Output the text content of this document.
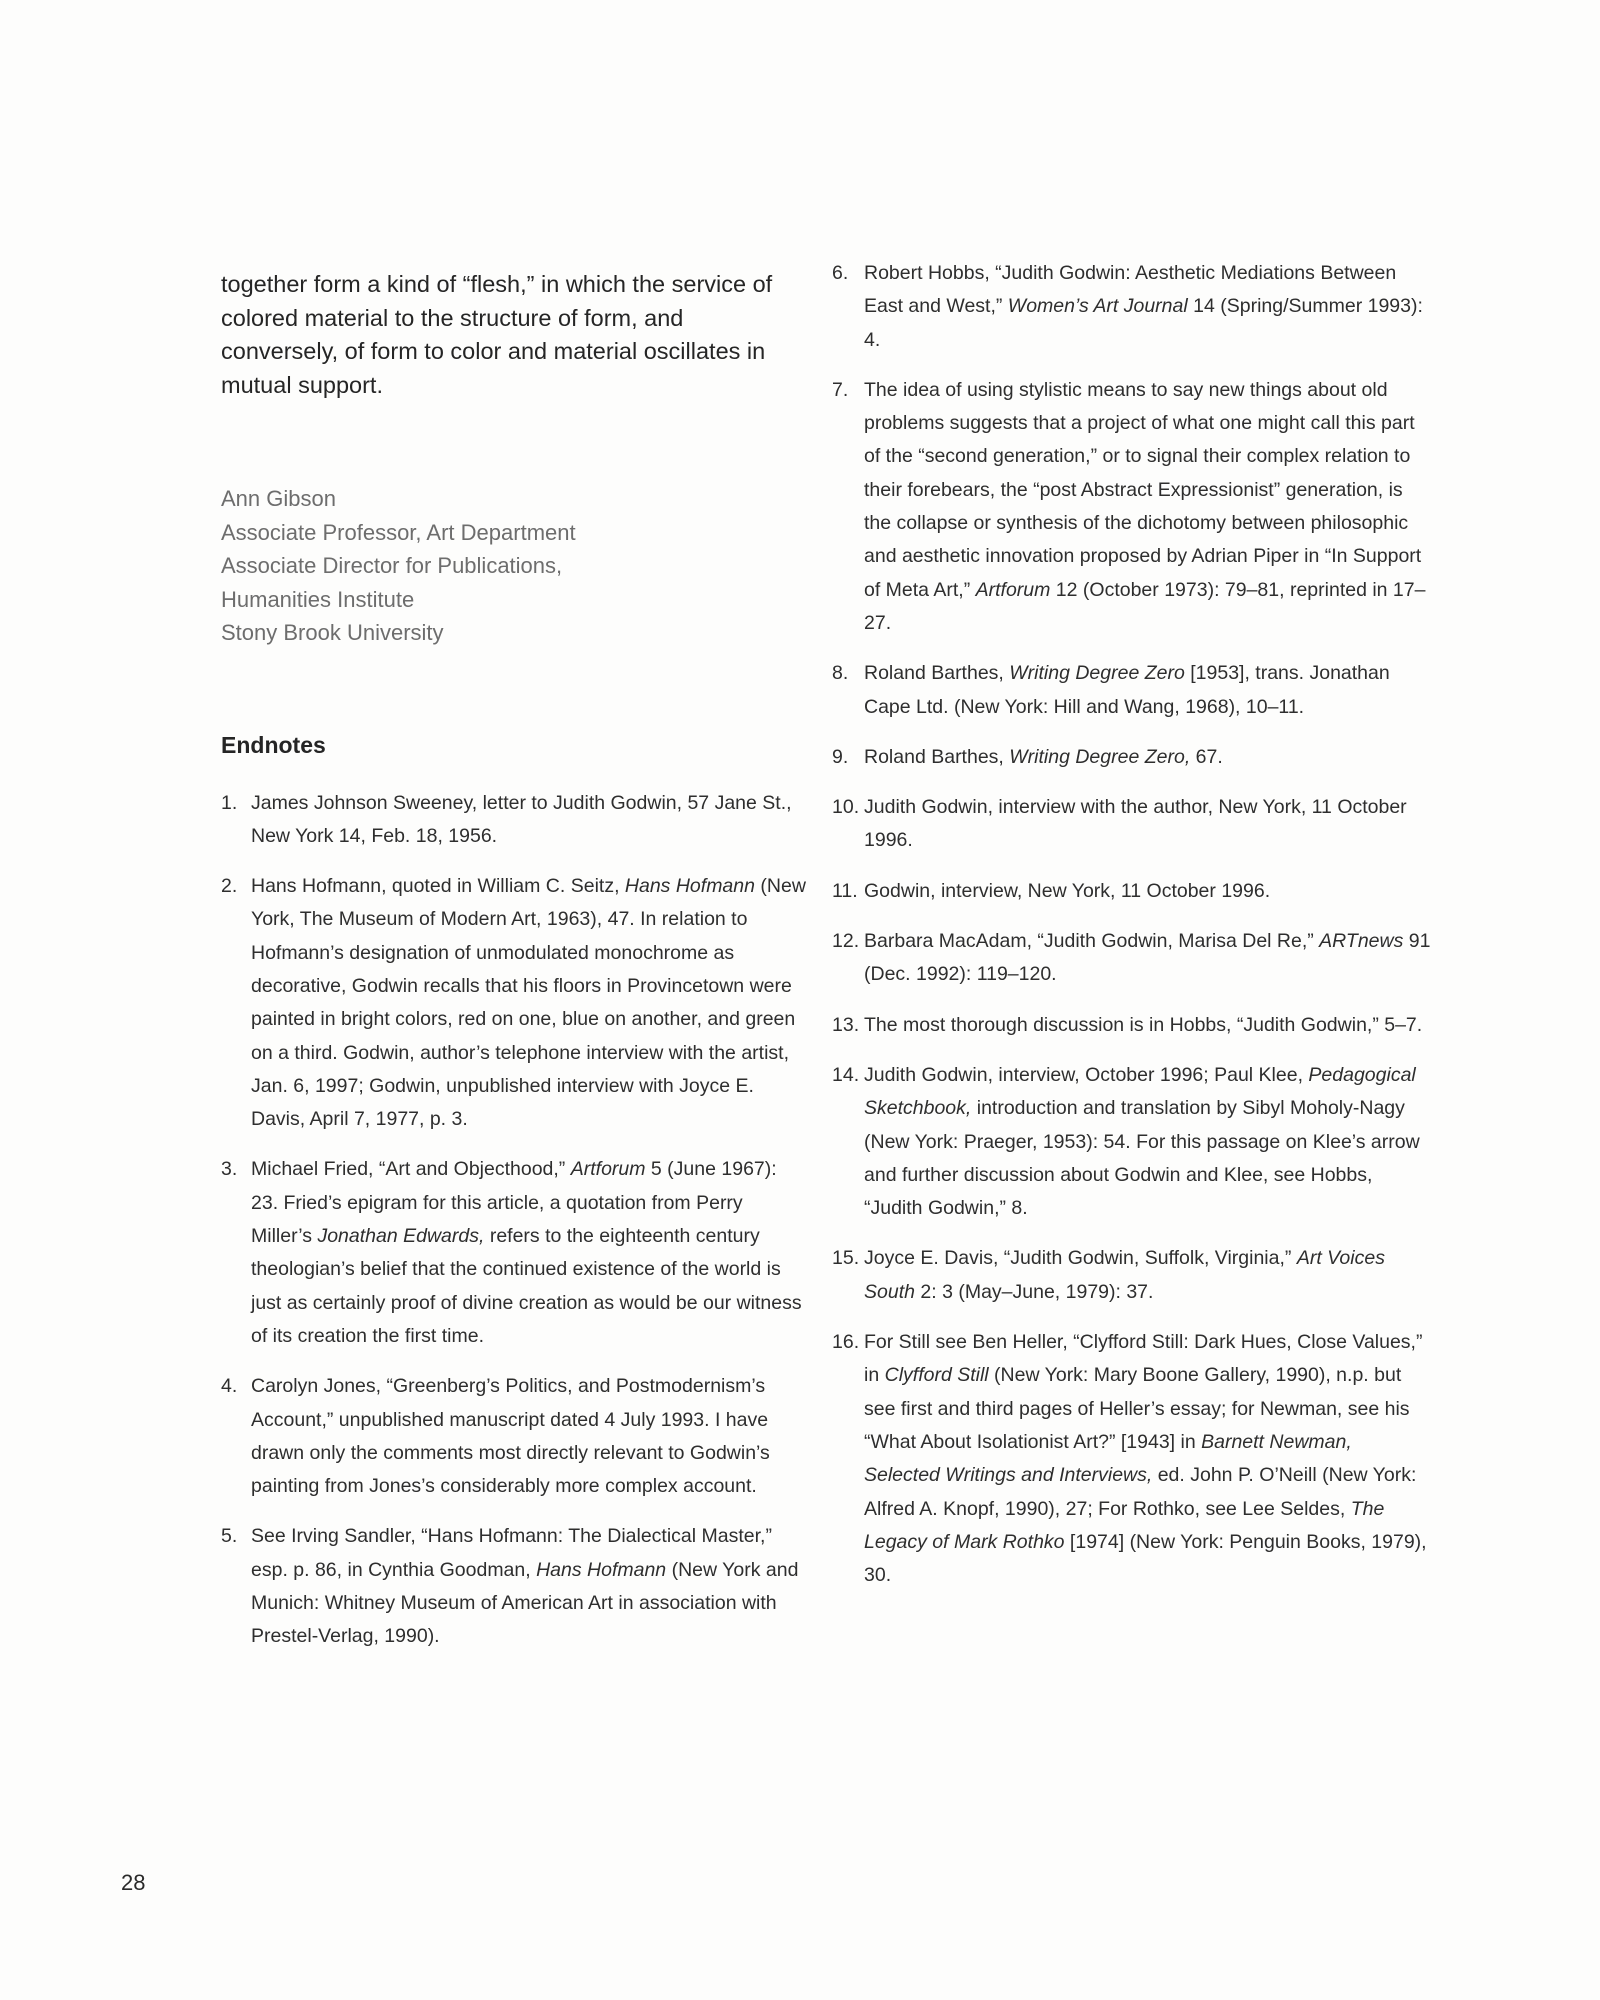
together form a kind of “flesh,” in which the service of colored material to the structure of form, and conversely, of form to color and material oscillates in mutual support.

Ann Gibson
Associate Professor, Art Department
Associate Director for Publications,
Humanities Institute
Stony Brook University
Endnotes
1. James Johnson Sweeney, letter to Judith Godwin, 57 Jane St., New York 14, Feb. 18, 1956.
2. Hans Hofmann, quoted in William C. Seitz, Hans Hofmann (New York, The Museum of Modern Art, 1963), 47. In relation to Hofmann’s designation of unmodulated monochrome as decorative, Godwin recalls that his floors in Provincetown were painted in bright colors, red on one, blue on another, and green on a third. Godwin, author’s telephone interview with the artist, Jan. 6, 1997; Godwin, unpublished interview with Joyce E. Davis, April 7, 1977, p. 3.
3. Michael Fried, “Art and Objecthood,” Artforum 5 (June 1967): 23. Fried’s epigram for this article, a quotation from Perry Miller’s Jonathan Edwards, refers to the eighteenth century theologian’s belief that the continued existence of the world is just as certainly proof of divine creation as would be our witness of its creation the first time.
4. Carolyn Jones, “Greenberg’s Politics, and Postmodernism’s Account,” unpublished manuscript dated 4 July 1993. I have drawn only the comments most directly relevant to Godwin’s painting from Jones’s considerably more complex account.
5. See Irving Sandler, “Hans Hofmann: The Dialectical Master,” esp. p. 86, in Cynthia Goodman, Hans Hofmann (New York and Munich: Whitney Museum of American Art in association with Prestel-Verlag, 1990).
6. Robert Hobbs, “Judith Godwin: Aesthetic Mediations Between East and West,” Women’s Art Journal 14 (Spring/Summer 1993): 4.
7. The idea of using stylistic means to say new things about old problems suggests that a project of what one might call this part of the “second generation,” or to signal their complex relation to their forebears, the “post Abstract Expressionist” generation, is the collapse or synthesis of the dichotomy between philosophic and aesthetic innovation proposed by Adrian Piper in “In Support of Meta Art,” Artforum 12 (October 1973): 79–81, reprinted in 17–27.
8. Roland Barthes, Writing Degree Zero [1953], trans. Jonathan Cape Ltd. (New York: Hill and Wang, 1968), 10–11.
9. Roland Barthes, Writing Degree Zero, 67.
10. Judith Godwin, interview with the author, New York, 11 October 1996.
11. Godwin, interview, New York, 11 October 1996.
12. Barbara MacAdam, “Judith Godwin, Marisa Del Re,” ARTnews 91 (Dec. 1992): 119–120.
13. The most thorough discussion is in Hobbs, “Judith Godwin,” 5–7.
14. Judith Godwin, interview, October 1996; Paul Klee, Pedagogical Sketchbook, introduction and translation by Sibyl Moholy-Nagy (New York: Praeger, 1953): 54. For this passage on Klee’s arrow and further discussion about Godwin and Klee, see Hobbs, “Judith Godwin,” 8.
15. Joyce E. Davis, “Judith Godwin, Suffolk, Virginia,” Art Voices South 2: 3 (May–June, 1979): 37.
16. For Still see Ben Heller, “Clyfford Still: Dark Hues, Close Values,” in Clyfford Still (New York: Mary Boone Gallery, 1990), n.p. but see first and third pages of Heller’s essay; for Newman, see his “What About Isolationist Art?” [1943] in Barnett Newman, Selected Writings and Interviews, ed. John P. O’Neill (New York: Alfred A. Knopf, 1990), 27; For Rothko, see Lee Seldes, The Legacy of Mark Rothko [1974] (New York: Penguin Books, 1979), 30.
28
